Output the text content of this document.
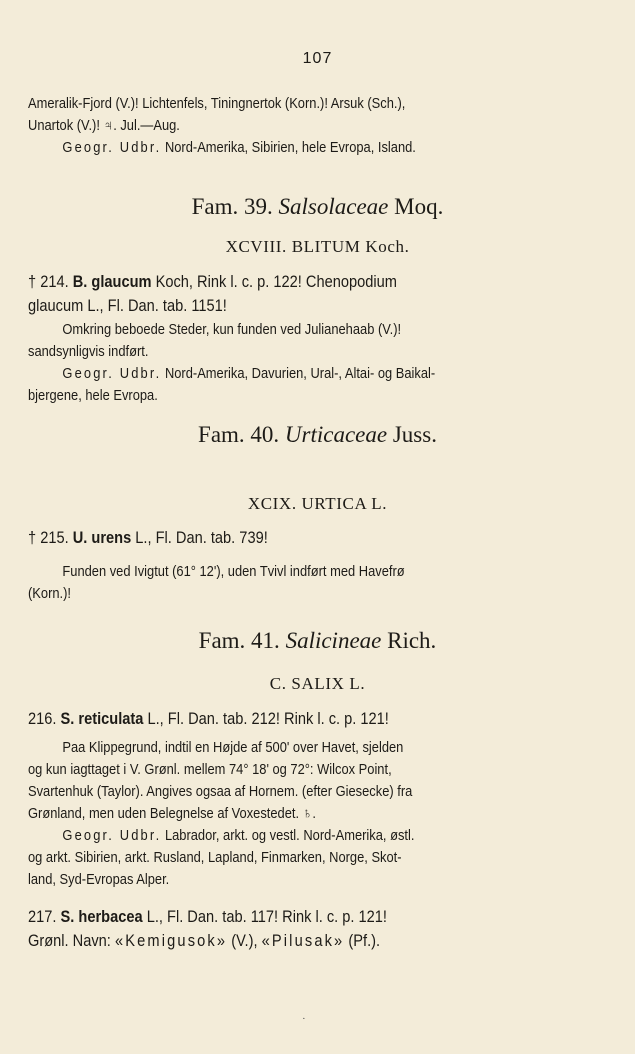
107
Ameralik-Fjord (V.)! Lichtenfels, Tiningnertok (Korn.)! Arsuk (Sch.),
Unartok (V.)! ♃. Jul.—Aug.
Geogr. Udbr. Nord-Amerika, Sibirien, hele Evropa, Island.
Fam. 39. Salsolaceae Moq.
XCVIII. BLITUM Koch.
† 214. B. glaucum Koch, Rink l. c. p. 122! Chenopodium
glaucum L., Fl. Dan. tab. 1151!
Omkring beboede Steder, kun funden ved Julianehaab (V.)!
sandsynligvis indført.
Geogr. Udbr. Nord-Amerika, Davurien, Ural-, Altai- og Baikal-
bjergene, hele Evropa.
Fam. 40. Urticaceae Juss.
XCIX. URTICA L.
† 215. U. urens L., Fl. Dan. tab. 739!
Funden ved Ivigtut (61° 12'), uden Tvivl indført med Havefrø
(Korn.)!
Fam. 41. Salicineae Rich.
C. SALIX L.
216. S. reticulata L., Fl. Dan. tab. 212! Rink l. c. p. 121!
Paa Klippegrund, indtil en Højde af 500' over Havet, sjelden
og kun iagttaget i V. Grønl. mellem 74° 18' og 72°: Wilcox Point,
Svartenhuk (Taylor). Angives ogsaa af Hornem. (efter Giesecke) fra
Grønland, men uden Belegnelse af Voxestedet. ♄.
Geogr. Udbr. Labrador, arkt. og vestl. Nord-Amerika, østl.
og arkt. Sibirien, arkt. Rusland, Lapland, Finmarken, Norge, Skot-
land, Syd-Evropas Alper.
217. S. herbacea L., Fl. Dan. tab. 117! Rink l. c. p. 121!
Grønl. Navn: «Kemigusok» (V.), «Pilusak» (Pf.).
·
